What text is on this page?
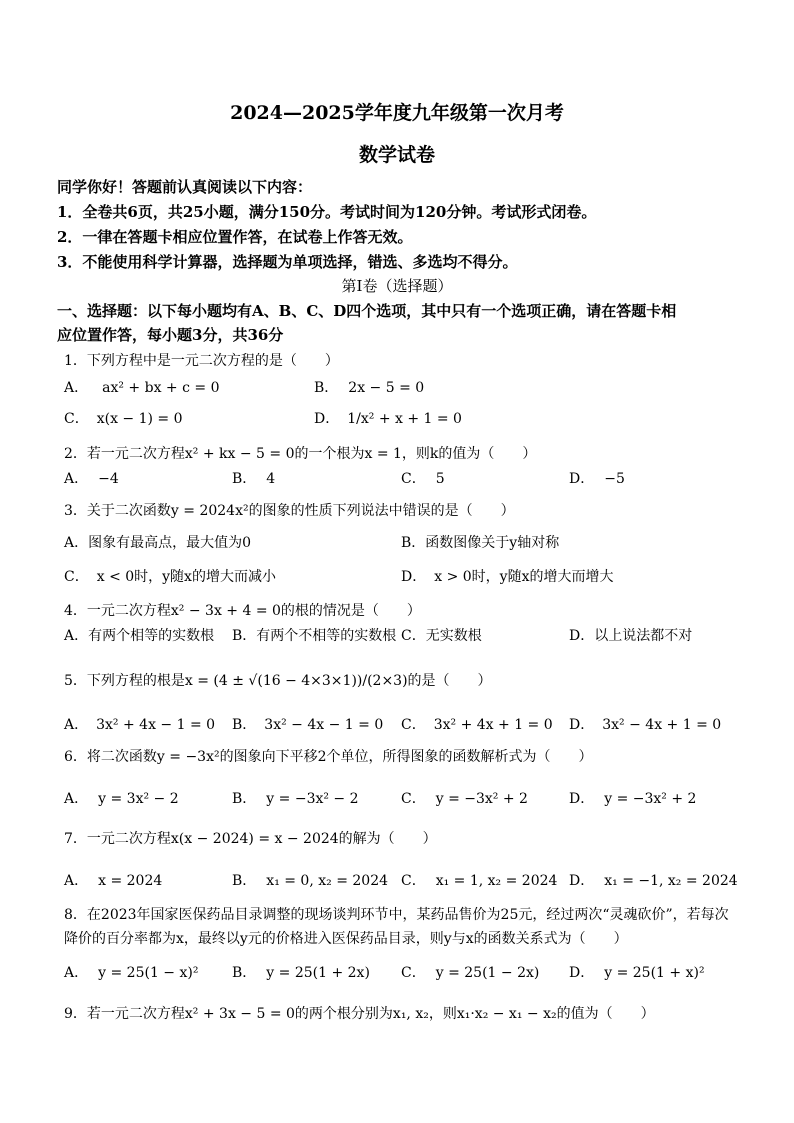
2024—2025学年度九年级第一次月考
数学试卷
同学你好！答题前认真阅读以下内容：
1．全卷共6页，共25小题，满分150分。考试时间为120分钟。考试形式闭卷。
2．一律在答题卡相应位置作答，在试卷上作答无效。
3．不能使用科学计算器，选择题为单项选择，错选、多选均不得分。
第Ⅰ卷（选择题）
一、选择题：以下每小题均有A、B、C、D四个选项，其中只有一个选项正确，请在答题卡相
应位置作答，每小题3分，共36分
1．下列方程中是一元二次方程的是（　　）
A． ax² + bx + c = 0	B． 2x − 5 = 0
C． x(x − 1) = 0	D． 1/x² + x + 1 = 0
2．若一元二次方程x² + kx − 5 = 0的一个根为x = 1，则k的值为（　　）
A． −4	B． 4	C． 5	D． −5
3．关于二次函数y = 2024x²的图象的性质下列说法中错误的是（　　）
A．图象有最高点，最大值为0	B．函数图像关于y轴对称
C． x < 0时，y随x的增大而减小	D． x > 0时，y随x的增大而增大
4．一元二次方程x² − 3x + 4 = 0的根的情况是（　　）
A．有两个相等的实数根 B．有两个不相等的实数根 C．无实数根	D．以上说法都不对
5．下列方程的根是x = (4 ± √(16 − 4×3×1))/(2×3)的是（　　）
A． 3x² + 4x − 1 = 0 B． 3x² − 4x − 1 = 0 C． 3x² + 4x + 1 = 0 D． 3x² − 4x + 1 = 0
6．将二次函数y = −3x²的图象向下平移2个单位，所得图象的函数解析式为（　　）
A． y = 3x² − 2	B． y = −3x² − 2	C． y = −3x² + 2	D． y = −3x² + 2
7．一元二次方程x(x − 2024) = x − 2024的解为（　　）
A． x = 2024	B． x₁ = 0, x₂ = 2024 C． x₁ = 1, x₂ = 2024 D． x₁ = −1, x₂ = 2024
8．在2023年国家医保药品目录调整的现场谈判环节中，某药品售价为25元，经过两次“灵魂砍价”，若每次
降价的百分率都为x，最终以y元的价格进入医保药品目录，则y与x的函数关系式为（　　）
A． y = 25(1 − x)² B． y = 25(1 + 2x) C． y = 25(1 − 2x) D． y = 25(1 + x)²
9．若一元二次方程x² + 3x − 5 = 0的两个根分别为x₁, x₂，则x₁·x₂ − x₁ − x₂的值为（　　）
